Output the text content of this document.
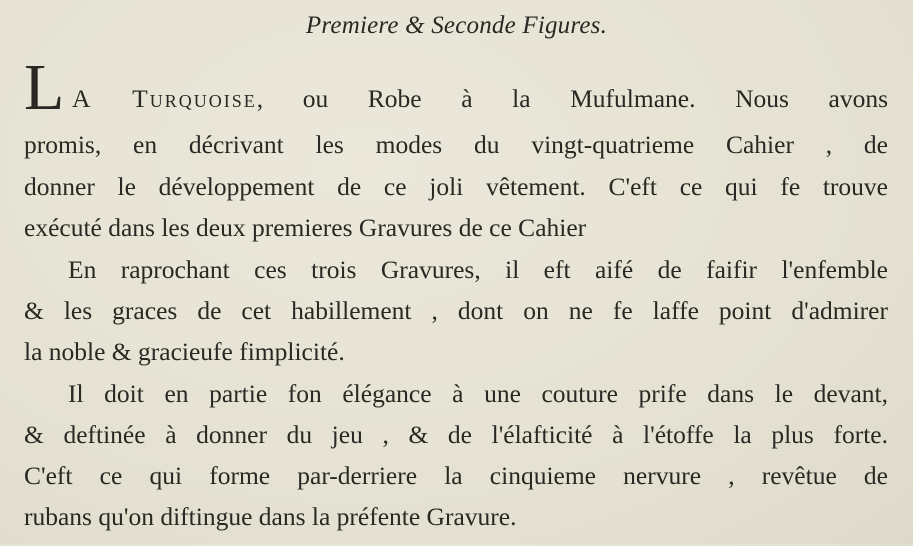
Premiere & Seconde Figures.
L A Turquoise, ou Robe à la Mufulmane. Nous avons
promis, en décrivant les modes du vingt-quatrieme Cahier , de
donner le développement de ce joli vêtement. C'eft ce qui fe trouve
exécuté dans les deux premieres Gravures de ce Cahier
En raprochant ces trois Gravures, il eft aifé de faifir l'enfemble
& les graces de cet habillement , dont on ne fe laffe point d'admirer
la noble & gracieufe fimplicité.
Il doit en partie fon élégance à une couture prife dans le devant,
& deftinée à donner du jeu , & de l'élafticité à l'étoffe la plus forte.
C'eft ce qui forme par-derriere la cinquieme nervure , revêtue de
rubans qu'on diftingue dans la préfente Gravure.
